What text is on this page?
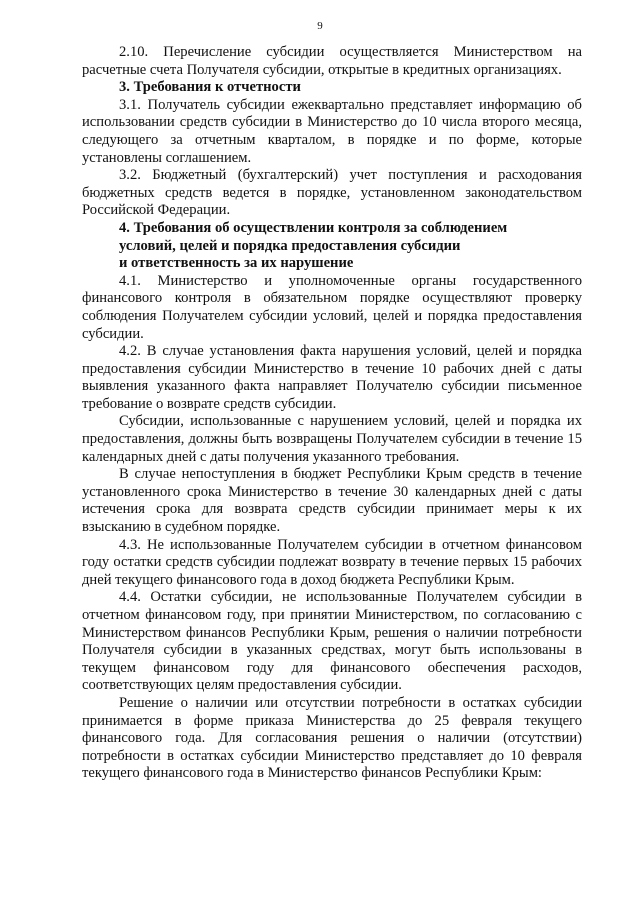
9

2.10. Перечисление субсидии осуществляется Министерством на расчетные счета Получателя субсидии, открытые в кредитных организациях.

3. Требования к отчетности

3.1. Получатель субсидии ежеквартально представляет информацию об использовании средств субсидии в Министерство до 10 числа второго месяца, следующего за отчетным кварталом, в порядке и по форме, которые установлены соглашением.

3.2. Бюджетный (бухгалтерский) учет поступления и расходования бюджетных средств ведется в порядке, установленном законодательством Российской Федерации.

4. Требования об осуществлении контроля за соблюдением
условий, целей и порядка предоставления субсидии
и ответственность за их нарушение

4.1. Министерство и уполномоченные органы государственного финансового контроля в обязательном порядке осуществляют проверку соблюдения Получателем субсидии условий, целей и порядка предоставления субсидии.

4.2. В случае установления факта нарушения условий, целей и порядка предоставления субсидии Министерство в течение 10 рабочих дней с даты выявления указанного факта направляет Получателю субсидии письменное требование о возврате средств субсидии.

Субсидии, использованные с нарушением условий, целей и порядка их предоставления, должны быть возвращены Получателем субсидии в течение 15 календарных дней с даты получения указанного требования.

В случае непоступления в бюджет Республики Крым средств в течение установленного срока Министерство в течение 30 календарных дней с даты истечения срока для возврата средств субсидии принимает меры к их взысканию в судебном порядке.

4.3. Не использованные Получателем субсидии в отчетном финансовом году остатки средств субсидии подлежат возврату в течение первых 15 рабочих дней текущего финансового года в доход бюджета Республики Крым.

4.4. Остатки субсидии, не использованные Получателем субсидии в отчетном финансовом году, при принятии Министерством, по согласованию с Министерством финансов Республики Крым, решения о наличии потребности Получателя субсидии в указанных средствах, могут быть использованы в текущем финансовом году для финансового обеспечения расходов, соответствующих целям предоставления субсидии.

Решение о наличии или отсутствии потребности в остатках субсидии принимается в форме приказа Министерства до 25 февраля текущего финансового года. Для согласования решения о наличии (отсутствии) потребности в остатках субсидии Министерство представляет до 10 февраля текущего финансового года в Министерство финансов Республики Крым:
